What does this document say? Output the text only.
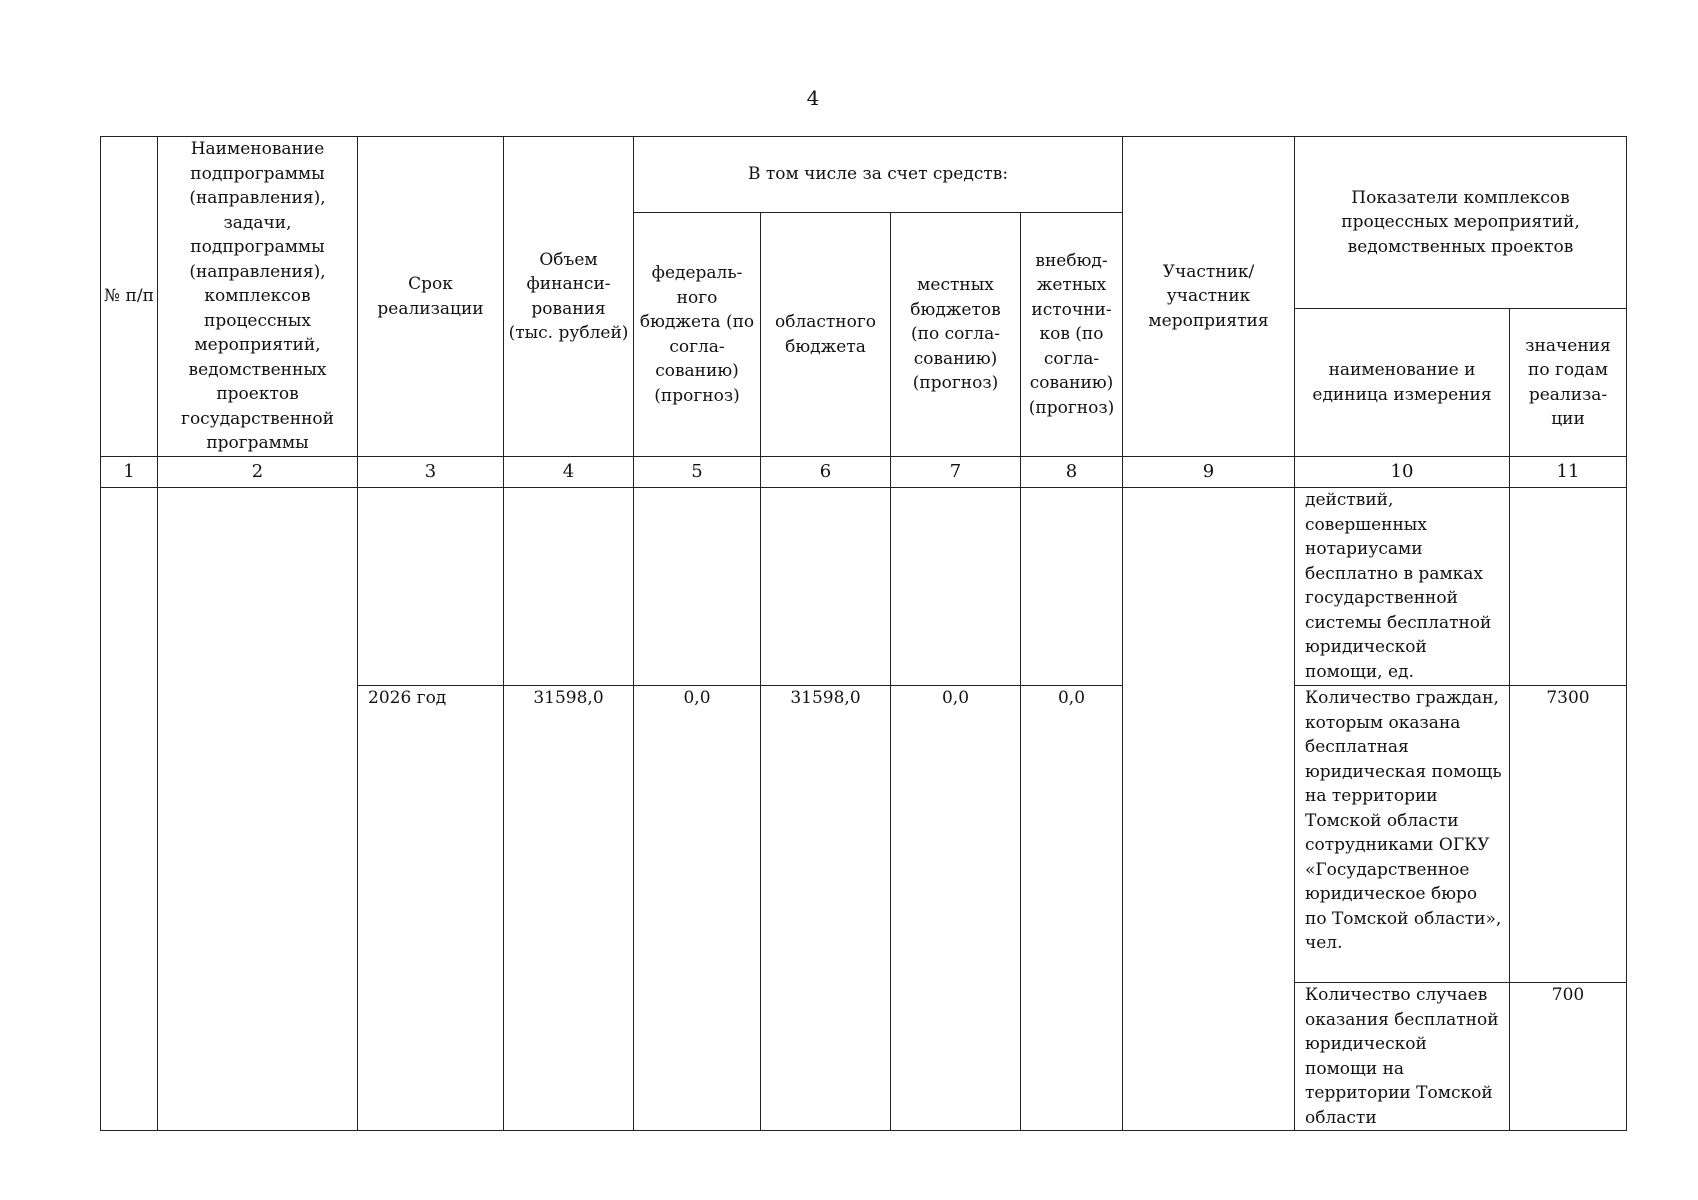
4
№ п/п	Наименование подпрограммы (направления), задачи, подпрограммы (направления), комплексов процессных мероприятий, ведомственных проектов государственной программы	Срок реализации	Объем финанси-рования (тыс. рублей)	В том числе за счет средств:				Участник/ участник мероприятия	Показатели комплексов процессных мероприятий, ведомственных проектов	
				федераль-ного бюджета (по согла-сованию) (прогноз)	областного бюджета	местных бюджетов (по согла-сованию) (прогноз)	внебюд-жетных источни-ков (по согла-сованию) (прогноз)			
									наименование и единица измерения	значения по годам реализа-ции
1	2	3	4	5	6	7	8	9	10	11
									действий, совершенных нотариусами бесплатно в рамках государственной системы бесплатной юридической помощи, ед.	
		2026 год	31598,0	0,0	31598,0	0,0	0,0		Количество граждан, которым оказана бесплатная юридическая помощь на территории Томской области сотрудниками ОГКУ «Государственное юридическое бюро по Томской области», чел.	7300
									Количество случаев оказания бесплатной юридической помощи на территории Томской области	700
